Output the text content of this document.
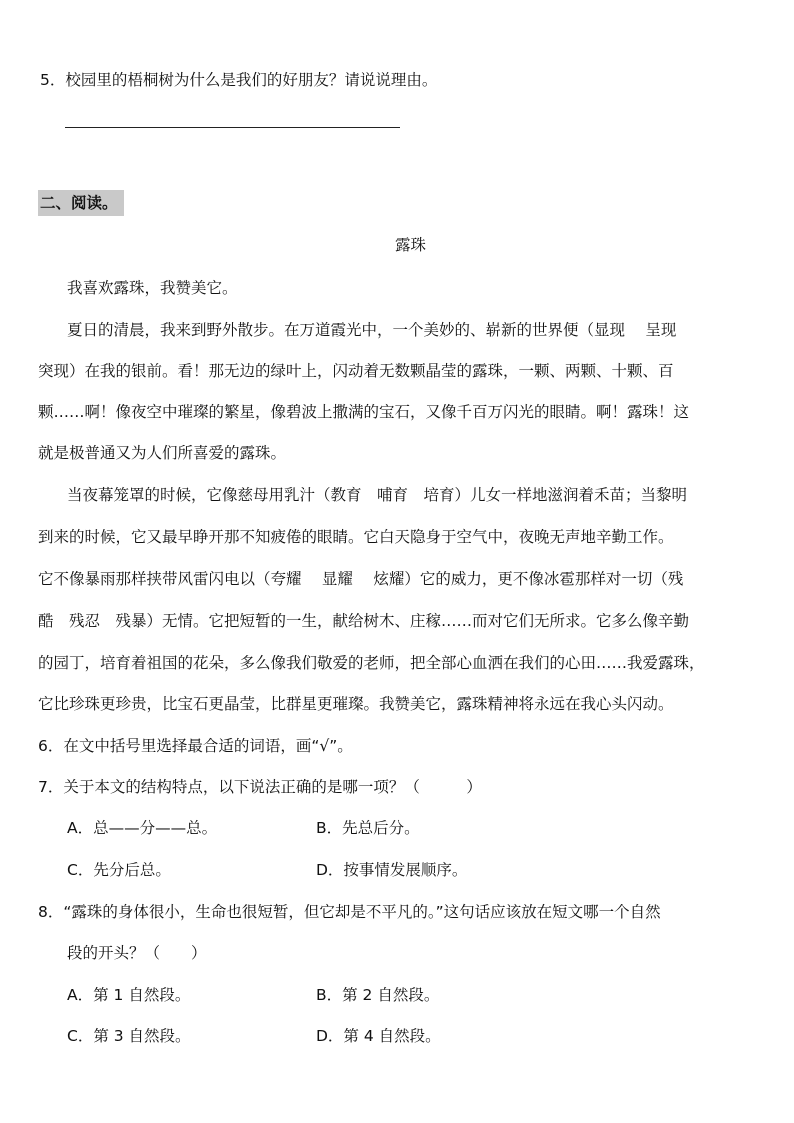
5．校园里的梧桐树为什么是我们的好朋友？请说说理由。
二、阅读。
露珠
我喜欢露珠，我赞美它。
夏日的清晨，我来到野外散步。在万道霞光中，一个美妙的、崭新的世界便（显现　 呈现
突现）在我的银前。看！那无边的绿叶上，闪动着无数颗晶莹的露珠，一颗、两颗、十颗、百
颗……啊！像夜空中璀璨的繁星，像碧波上撒满的宝石，又像千百万闪光的眼睛。啊！露珠！这
就是极普通又为人们所喜爱的露珠。
当夜幕笼罩的时候，它像慈母用乳汁（教育　哺育　培育）儿女一样地滋润着禾苗；当黎明
到来的时候，它又最早睁开那不知疲倦的眼睛。它白天隐身于空气中，夜晚无声地辛勤工作。
它不像暴雨那样挟带风雷闪电以（夸耀　 显耀　 炫耀）它的威力，更不像冰雹那样对一切（残
酷　残忍　残暴）无情。它把短暂的一生，献给树木、庄稼……而对它们无所求。它多么像辛勤
的园丁，培育着祖国的花朵，多么像我们敬爱的老师，把全部心血洒在我们的心田……我爱露珠，
它比珍珠更珍贵，比宝石更晶莹，比群星更璀璨。我赞美它，露珠精神将永远在我心头闪动。
6．在文中括号里选择最合适的词语，画“√”。
7．关于本文的结构特点，以下说法正确的是哪一项？（　　　）
A．总——分——总。	B．先总后分。
C．先分后总。	D．按事情发展顺序。
8．“露珠的身体很小，生命也很短暂，但它却是不平凡的。”这句话应该放在短文哪一个自然
段的开头？（　　）
A．第 1 自然段。	B．第 2 自然段。
C．第 3 自然段。	D．第 4 自然段。
